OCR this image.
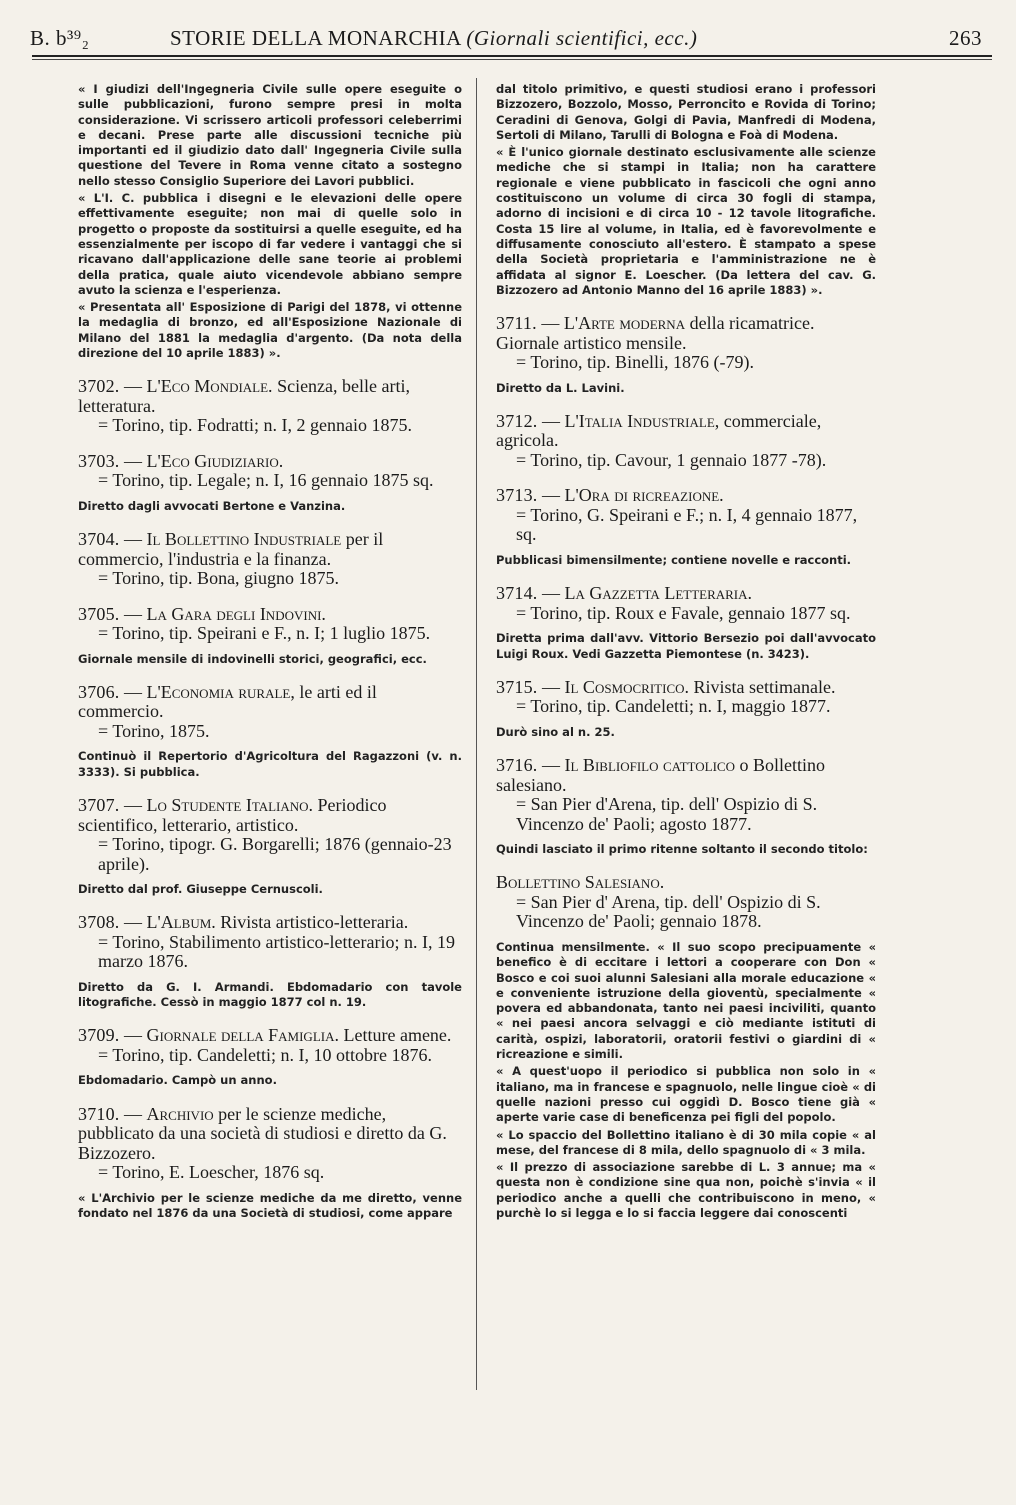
B. b³⁹₂	STORIE DELLA MONARCHIA (Giornali scientifici, ecc.)	263

« I giudizi dell'Ingegneria Civile sulle opere eseguite o sulle pubblicazioni, furono sempre presi in molta considerazione. Vi scrissero articoli professori celeberrimi e decani. Prese parte alle discussioni tecniche più importanti ed il giudizio dato dall' Ingegneria Civile sulla questione del Tevere in Roma venne citato a sostegno nello stesso Consiglio Superiore dei Lavori pubblici.

« L'I. C. pubblica i disegni e le elevazioni delle opere effettivamente eseguite; non mai di quelle solo in progetto o proposte da sostituirsi a quelle eseguite, ed ha essenzialmente per iscopo di far vedere i vantaggi che si ricavano dall'applicazione delle sane teorie ai problemi della pratica, quale aiuto vicendevole abbiano sempre avuto la scienza e l'esperienza.

« Presentata all' Esposizione di Parigi del 1878, vi ottenne la medaglia di bronzo, ed all'Esposizione Nazionale di Milano del 1881 la medaglia d'argento. (Da nota della direzione del 10 aprile 1883) ».

3702. — L'Eco Mondiale. Scienza, belle arti, letteratura.

= Torino, tip. Fodratti; n. I, 2 gennaio 1875.

3703. — L'Eco Giudiziario.

= Torino, tip. Legale; n. I, 16 gennaio 1875 sq.

Diretto dagli avvocati Bertone e Vanzina.

3704. — Il Bollettino Industriale per il commercio, l'industria e la finanza.

= Torino, tip. Bona, giugno 1875.

3705. — La Gara degli Indovini.

= Torino, tip. Speirani e F., n. I; 1 luglio 1875.

Giornale mensile di indovinelli storici, geografici, ecc.

3706. — L'Economia rurale, le arti ed il commercio.

= Torino, 1875.

Continuò il Repertorio d'Agricoltura del Ragazzoni (v. n. 3333). Si pubblica.

3707. — Lo Studente Italiano. Periodico scientifico, letterario, artistico.

= Torino, tipogr. G. Borgarelli; 1876 (gennaio-23 aprile).

Diretto dal prof. Giuseppe Cernuscoli.

3708. — L'Album. Rivista artistico-letteraria.

= Torino, Stabilimento artistico-letterario; n. I, 19 marzo 1876.

Diretto da G. I. Armandi. Ebdomadario con tavole litografiche. Cessò in maggio 1877 col n. 19.

3709. — Giornale della Famiglia. Letture amene.

= Torino, tip. Candeletti; n. I, 10 ottobre 1876.

Ebdomadario. Campò un anno.

3710. — Archivio per le scienze mediche, pubblicato da una società di studiosi e diretto da G. Bizzozero.

= Torino, E. Loescher, 1876 sq.

« L'Archivio per le scienze mediche da me diretto, venne fondato nel 1876 da una Società di studiosi, come appare

dal titolo primitivo, e questi studiosi erano i professori Bizzozero, Bozzolo, Mosso, Perroncito e Rovida di Torino; Ceradini di Genova, Golgi di Pavia, Manfredi di Modena, Sertoli di Milano, Tarulli di Bologna e Foà di Modena.

« È l'unico giornale destinato esclusivamente alle scienze mediche che si stampi in Italia; non ha carattere regionale e viene pubblicato in fascicoli che ogni anno costituiscono un volume di circa 30 fogli di stampa, adorno di incisioni e di circa 10 - 12 tavole litografiche. Costa 15 lire al volume, in Italia, ed è favorevolmente e diffusamente conosciuto all'estero. È stampato a spese della Società proprietaria e l'amministrazione ne è affidata al signor E. Loescher. (Da lettera del cav. G. Bizzozero ad Antonio Manno del 16 aprile 1883) ».

3711. — L'Arte moderna della ricamatrice. Giornale artistico mensile.

= Torino, tip. Binelli, 1876 (-79).

Diretto da L. Lavini.

3712. — L'Italia Industriale, commerciale, agricola.

= Torino, tip. Cavour, 1 gennaio 1877 -78).

3713. — L'Ora di ricreazione.

= Torino, G. Speirani e F.; n. I, 4 gennaio 1877, sq.

Pubblicasi bimensilmente; contiene novelle e racconti.

3714. — La Gazzetta Letteraria.

= Torino, tip. Roux e Favale, gennaio 1877 sq.

Diretta prima dall'avv. Vittorio Bersezio poi dall'avvocato Luigi Roux. Vedi Gazzetta Piemontese (n. 3423).

3715. — Il Cosmocritico. Rivista settimanale.

= Torino, tip. Candeletti; n. I, maggio 1877.

Durò sino al n. 25.

3716. — Il Bibliofilo cattolico o Bollettino salesiano.

= San Pier d'Arena, tip. dell' Ospizio di S. Vincenzo de' Paoli; agosto 1877.

Quindi lasciato il primo ritenne soltanto il secondo titolo:

Bollettino Salesiano.

= San Pier d' Arena, tip. dell' Ospizio di S. Vincenzo de' Paoli; gennaio 1878.

Continua mensilmente. « Il suo scopo precipuamente « benefico è di eccitare i lettori a cooperare con Don « Bosco e coi suoi alunni Salesiani alla morale educazione « e conveniente istruzione della gioventù, specialmente « povera ed abbandonata, tanto nei paesi inciviliti, quanto « nei paesi ancora selvaggi e ciò mediante istituti di carità, ospizi, laboratorii, oratorii festivi o giardini di « ricreazione e simili.

« A quest'uopo il periodico si pubblica non solo in « italiano, ma in francese e spagnuolo, nelle lingue cioè « di quelle nazioni presso cui oggidì D. Bosco tiene già « aperte varie case di beneficenza pei figli del popolo.

« Lo spaccio del Bollettino italiano è di 30 mila copie « al mese, del francese di 8 mila, dello spagnuolo di « 3 mila.

« Il prezzo di associazione sarebbe di L. 3 annue; ma « questa non è condizione sine qua non, poichè s'invia « il periodico anche a quelli che contribuiscono in meno, « purchè lo si legga e lo si faccia leggere dai conoscenti
